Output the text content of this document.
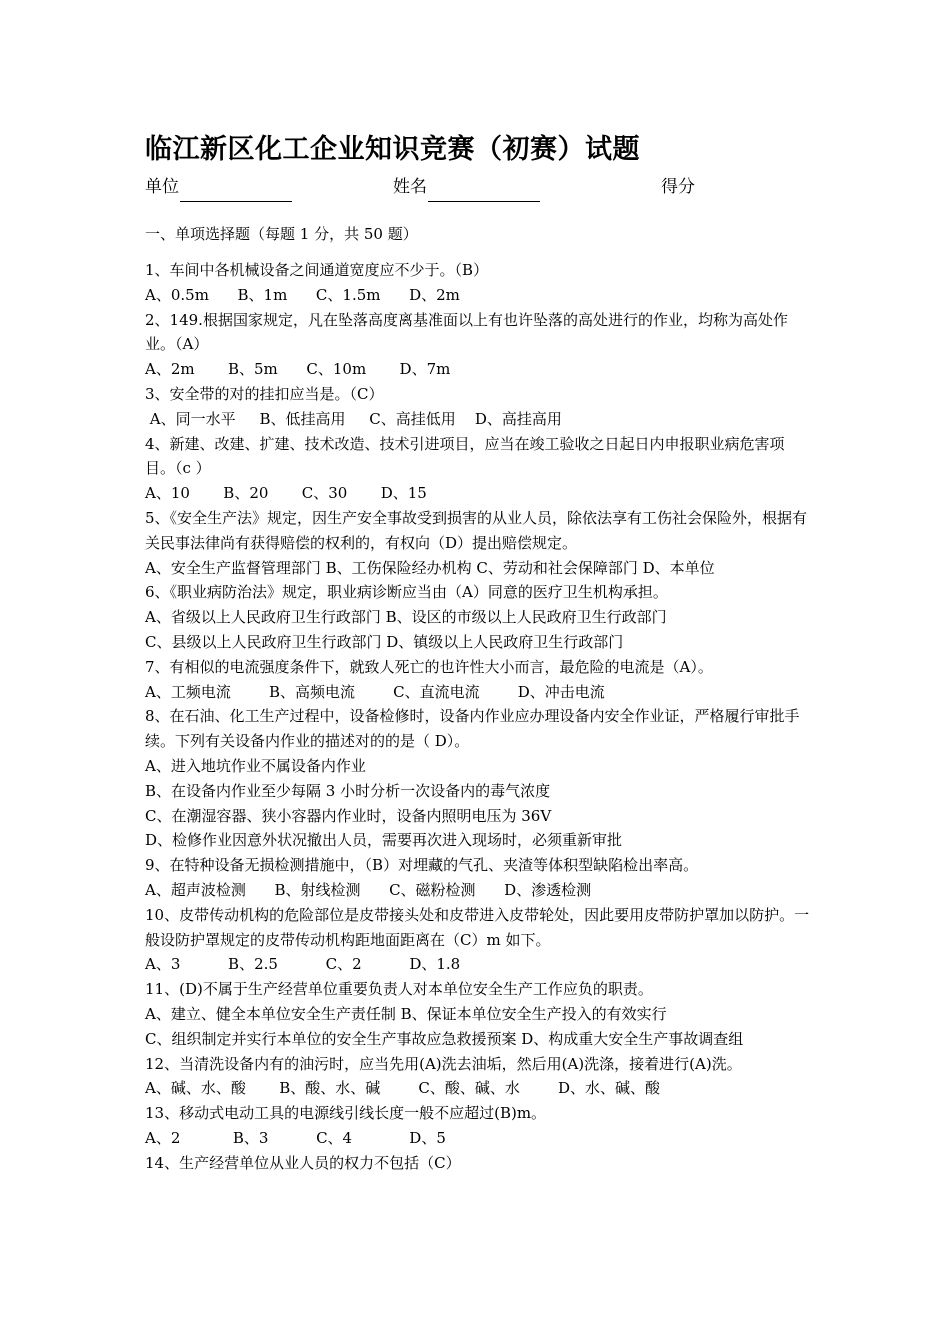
临江新区化工企业知识竞赛（初赛）试题
单位	姓名	得分
一、单项选择题（每题 1 分，共 50 题）

1、车间中各机械设备之间通道宽度应不少于。（B）

A、0.5m      B、1m      C、1.5m      D、2m

2、149.根据国家规定，凡在坠落高度离基准面以上有也许坠落的高处进行的作业，均称为高处作业。（A）

A、2m       B、5m      C、10m       D、7m

3、安全带的对的挂扣应当是。（C）

A、同一水平     B、低挂高用     C、高挂低用    D、高挂高用

4、新建、改建、扩建、技术改造、技术引进项目，应当在竣工验收之日起日内申报职业病危害项目。（c ）

A、10       B、20       C、30       D、15

5、《安全生产法》规定，因生产安全事故受到损害的从业人员，除依法享有工伤社会保险外，根据有关民事法律尚有获得赔偿的权利的，有权向（D）提出赔偿规定。

A、安全生产监督管理部门 B、工伤保险经办机构 C、劳动和社会保障部门 D、本单位

6、《职业病防治法》规定，职业病诊断应当由（A）同意的医疗卫生机构承担。

A、省级以上人民政府卫生行政部门 B、设区的市级以上人民政府卫生行政部门

C、县级以上人民政府卫生行政部门 D、镇级以上人民政府卫生行政部门

7、有相似的电流强度条件下，就致人死亡的也许性大小而言，最危险的电流是（A）。

A、工频电流        B、高频电流        C、直流电流        D、冲击电流

8、在石油、化工生产过程中，设备检修时，设备内作业应办理设备内安全作业证，严格履行审批手续。下列有关设备内作业的描述对的的是（ D）。

A、进入地坑作业不属设备内作业

B、在设备内作业至少每隔 3 小时分析一次设备内的毒气浓度

C、在潮湿容器、狭小容器内作业时，设备内照明电压为 36V

D、检修作业因意外状况撤出人员，需要再次进入现场时，必须重新审批

9、在特种设备无损检测措施中，（B）对埋藏的气孔、夹渣等体积型缺陷检出率高。

A、超声波检测      B、射线检测      C、磁粉检测      D、渗透检测

10、皮带传动机构的危险部位是皮带接头处和皮带进入皮带轮处，因此要用皮带防护罩加以防护。一般设防护罩规定的皮带传动机构距地面距离在（C）m 如下。

A、3          B、2.5          C、2          D、1.8

11、(D)不属于生产经营单位重要负责人对本单位安全生产工作应负的职责。

A、建立、健全本单位安全生产责任制 B、保证本单位安全生产投入的有效实行

C、组织制定并实行本单位的安全生产事故应急救援预案 D、构成重大安全生产事故调查组

12、当清洗设备内有的油污时，应当先用(A)洗去油垢，然后用(A)洗涤，接着进行(A)洗。

A、碱、水、酸       B、酸、水、碱        C、酸、碱、水        D、水、碱、酸

13、移动式电动工具的电源线引线长度一般不应超过(B)m。

A、2           B、3          C、4            D、5

14、生产经营单位从业人员的权力不包括（C）
